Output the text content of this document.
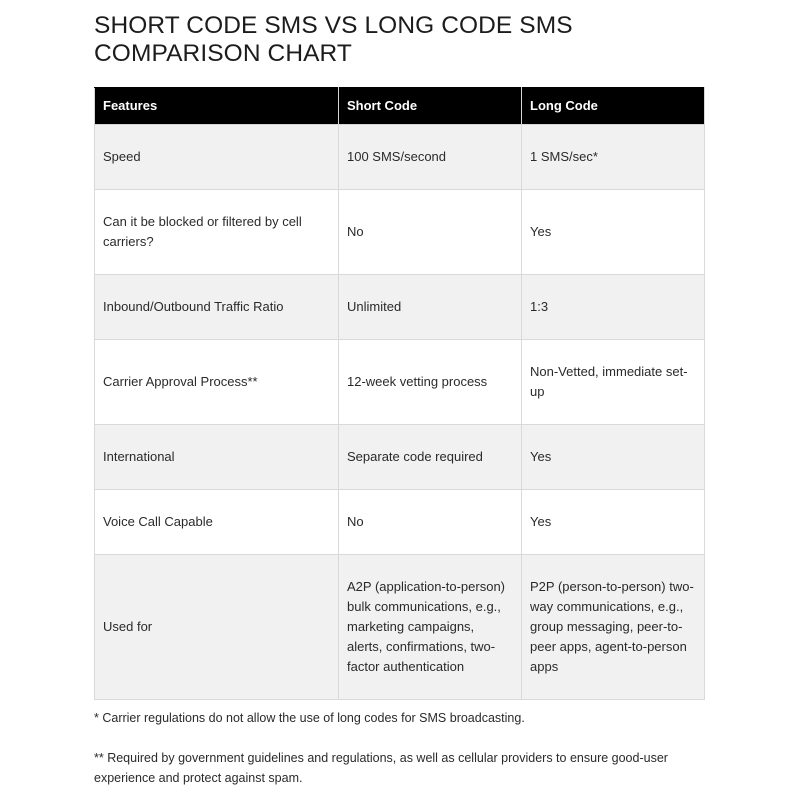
SHORT CODE SMS VS LONG CODE SMS COMPARISON CHART
Features	Short Code	Long Code
Speed	100 SMS/second	1 SMS/sec*
Can it be blocked or filtered by cell carriers?	No	Yes
Inbound/Outbound Traffic Ratio	Unlimited	1:3
Carrier Approval Process**	12-week vetting process	Non-Vetted, immediate set-up
International	Separate code required	Yes
Voice Call Capable	No	Yes
Used for	A2P (application-to-person) bulk communications, e.g., marketing campaigns, alerts, confirmations, two-factor authentication	P2P (person-to-person) two-way communications, e.g., group messaging, peer-to-peer apps, agent-to-person apps

* Carrier regulations do not allow the use of long codes for SMS broadcasting.

** Required by government guidelines and regulations, as well as cellular providers to ensure good-user experience and protect against spam.
